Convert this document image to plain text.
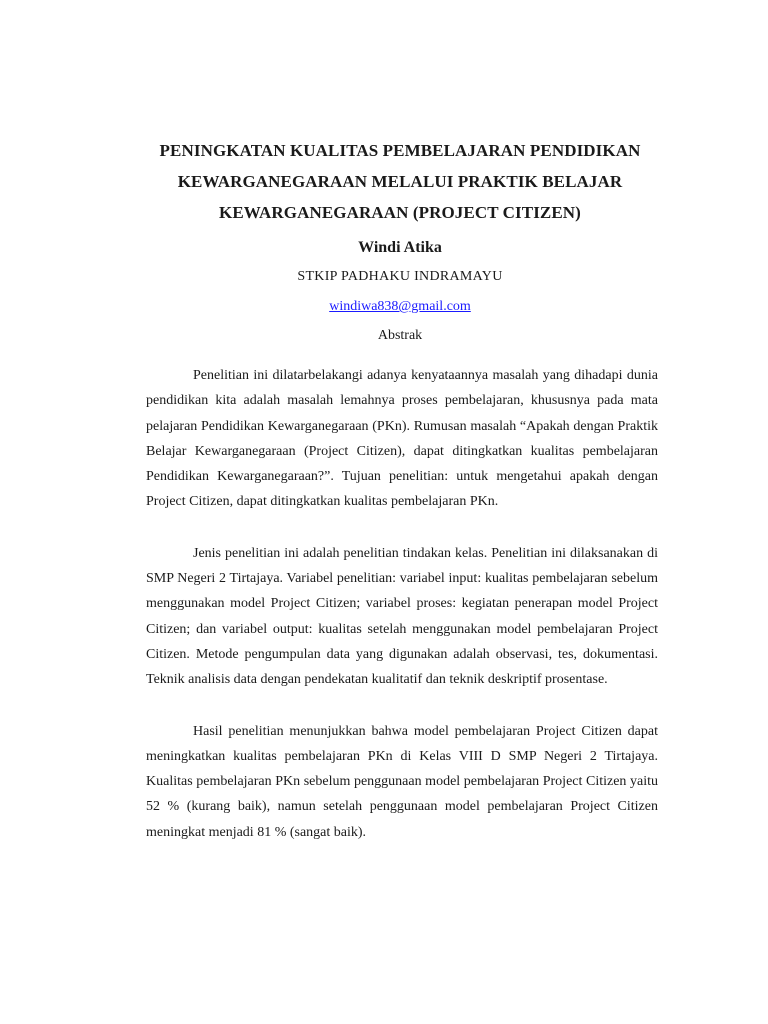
PENINGKATAN KUALITAS PEMBELAJARAN PENDIDIKAN
KEWARGANEGARAAN MELALUI PRAKTIK BELAJAR
KEWARGANEGARAAN (PROJECT CITIZEN)
Windi Atika
STKIP PADHAKU INDRAMAYU
windiwa838@gmail.com
Abstrak

Penelitian ini dilatarbelakangi adanya kenyataannya masalah yang dihadapi dunia pendidikan kita adalah masalah lemahnya proses pembelajaran, khususnya pada mata pelajaran Pendidikan Kewarganegaraan (PKn). Rumusan masalah “Apakah dengan Praktik Belajar Kewarganegaraan (Project Citizen), dapat ditingkatkan kualitas pembelajaran Pendidikan Kewarganegaraan?”. Tujuan penelitian: untuk mengetahui apakah dengan Project Citizen, dapat ditingkatkan kualitas pembelajaran PKn.

Jenis penelitian ini adalah penelitian tindakan kelas. Penelitian ini dilaksanakan di SMP Negeri 2 Tirtajaya. Variabel penelitian: variabel input: kualitas pembelajaran sebelum menggunakan model Project Citizen; variabel proses: kegiatan penerapan model Project Citizen; dan variabel output: kualitas setelah menggunakan model pembelajaran Project Citizen. Metode pengumpulan data yang digunakan adalah observasi, tes, dokumentasi. Teknik analisis data dengan pendekatan kualitatif dan teknik deskriptif prosentase.

Hasil penelitian menunjukkan bahwa model pembelajaran Project Citizen dapat meningkatkan kualitas pembelajaran PKn di Kelas VIII D SMP Negeri 2 Tirtajaya. Kualitas pembelajaran PKn sebelum penggunaan model pembelajaran Project Citizen yaitu 52 % (kurang baik), namun setelah penggunaan model pembelajaran Project Citizen meningkat menjadi 81 % (sangat baik).
